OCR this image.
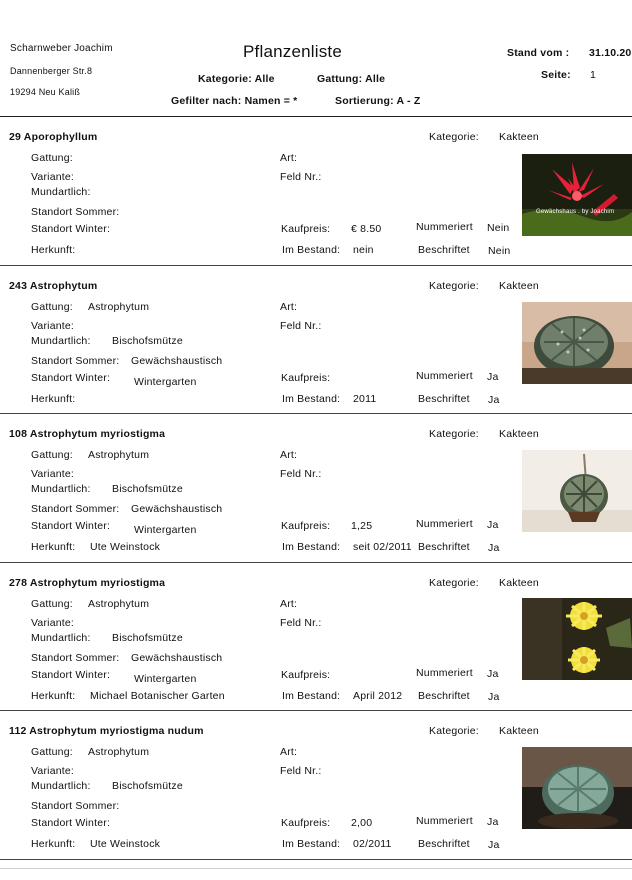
Scharnweber Joachim
Dannenberger Str.8
19294 Neu Kaliß
Pflanzenliste	Stand vom : 31.10.20
Seite: 1
Kategorie: Alle	Gattung: Alle
Gefilter nach: Namen = *	Sortierung: A - Z
29 Aporophyllum	Kategorie: Kakteen
Gattung:	Art:
Variante:	Feld Nr.:
Mundartlich:
Standort Sommer:
Standort Winter:	Kaufpreis: € 8.50	Nummeriert Nein
Herkunft:	Im Bestand: nein	Beschriftet Nein
Gewächshaus . by Joachim
243 Astrophytum	Kategorie: Kakteen
Gattung: Astrophytum	Art:
Variante:	Feld Nr.:
Mundartlich: Bischofsmütze
Standort Sommer: Gewächshaustisch
Standort Winter: Wintergarten	Kaufpreis:	Nummeriert Ja
Herkunft:	Im Bestand: 2011	Beschriftet Ja
108 Astrophytum myriostigma	Kategorie: Kakteen
Gattung: Astrophytum	Art:
Variante:	Feld Nr.:
Mundartlich: Bischofsmütze
Standort Sommer: Gewächshaustisch
Standort Winter: Wintergarten	Kaufpreis: 1,25	Nummeriert Ja
Herkunft: Ute Weinstock	Im Bestand: seit 02/2011 Beschriftet Ja
278 Astrophytum myriostigma	Kategorie: Kakteen
Gattung: Astrophytum	Art:
Variante:	Feld Nr.:
Mundartlich: Bischofsmütze
Standort Sommer: Gewächshaustisch
Standort Winter: Wintergarten	Kaufpreis:	Nummeriert Ja
Herkunft: Michael Botanischer Garten	Im Bestand: April 2012 Beschriftet Ja
112 Astrophytum myriostigma nudum	Kategorie: Kakteen
Gattung: Astrophytum	Art:
Variante:	Feld Nr.:
Mundartlich: Bischofsmütze
Standort Sommer:
Standort Winter:	Kaufpreis: 2,00	Nummeriert Ja
Herkunft: Ute Weinstock	Im Bestand: 02/2011	Beschriftet Ja
